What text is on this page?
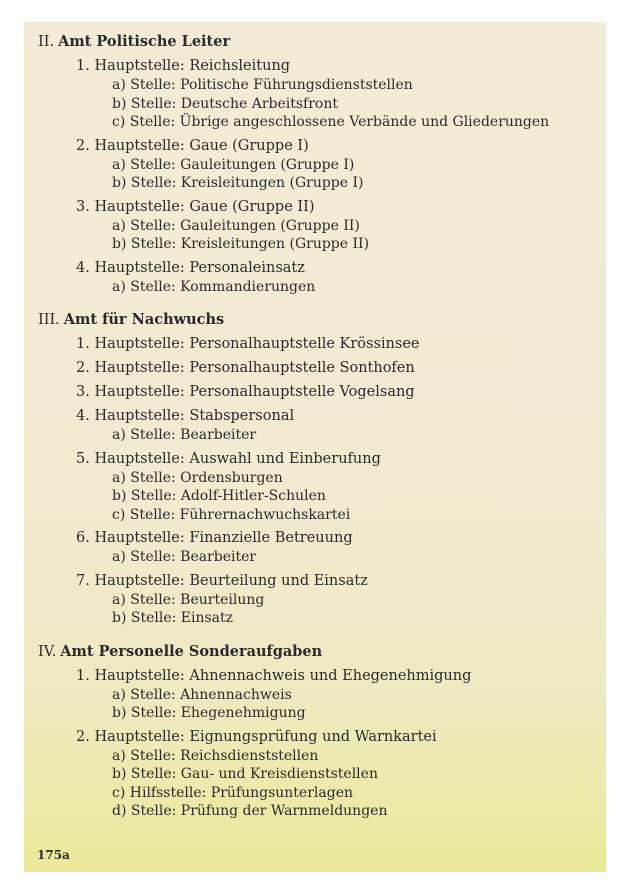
II. Amt Politische Leiter
1. Hauptstelle: Reichsleitung
a) Stelle: Politische Führungsdienststellen
b) Stelle: Deutsche Arbeitsfront
c) Stelle: Übrige angeschlossene Verbände und Gliederungen
2. Hauptstelle: Gaue (Gruppe I)
a) Stelle: Gauleitungen (Gruppe I)
b) Stelle: Kreisleitungen (Gruppe I)
3. Hauptstelle: Gaue (Gruppe II)
a) Stelle: Gauleitungen (Gruppe II)
b) Stelle: Kreisleitungen (Gruppe II)
4. Hauptstelle: Personaleinsatz
a) Stelle: Kommandierungen
III. Amt für Nachwuchs
1. Hauptstelle: Personalhauptstelle Krössinsee
2. Hauptstelle: Personalhauptstelle Sonthofen
3. Hauptstelle: Personalhauptstelle Vogelsang
4. Hauptstelle: Stabspersonal
a) Stelle: Bearbeiter
5. Hauptstelle: Auswahl und Einberufung
a) Stelle: Ordensburgen
b) Stelle: Adolf-Hitler-Schulen
c) Stelle: Führernachwuchskartei
6. Hauptstelle: Finanzielle Betreuung
a) Stelle: Bearbeiter
7. Hauptstelle: Beurteilung und Einsatz
a) Stelle: Beurteilung
b) Stelle: Einsatz
IV. Amt Personelle Sonderaufgaben
1. Hauptstelle: Ahnennachweis und Ehegenehmigung
a) Stelle: Ahnennachweis
b) Stelle: Ehegenehmigung
2. Hauptstelle: Eignungsprüfung und Warnkartei
a) Stelle: Reichsdienststellen
b) Stelle: Gau- und Kreisdienststellen
c) Hilfsstelle: Prüfungsunterlagen
d) Stelle: Prüfung der Warnmeldungen
175a
